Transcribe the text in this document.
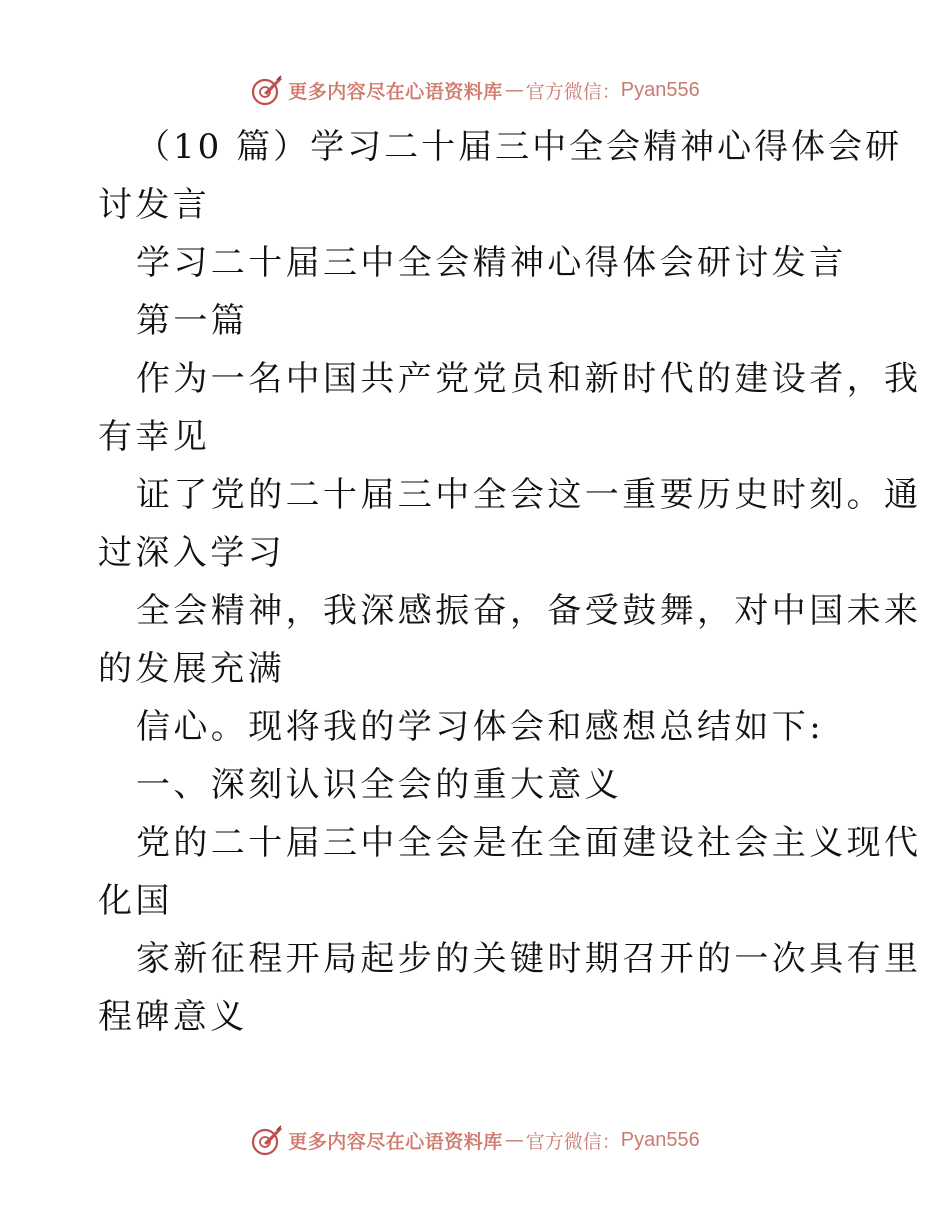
更多内容尽在心语资料库 — 官方微信： Pyan556
（10 篇）学习二十届三中全会精神心得体会研
讨发言
学习二十届三中全会精神心得体会研讨发言
第一篇
作为一名中国共产党党员和新时代的建设者，我
有幸见
证了党的二十届三中全会这一重要历史时刻。通
过深入学习
全会精神，我深感振奋，备受鼓舞，对中国未来
的发展充满
信心。现将我的学习体会和感想总结如下:
一、深刻认识全会的重大意义
党的二十届三中全会是在全面建设社会主义现代
化国
家新征程开局起步的关键时期召开的一次具有里
程碑意义
更多内容尽在心语资料库 — 官方微信： Pyan556
